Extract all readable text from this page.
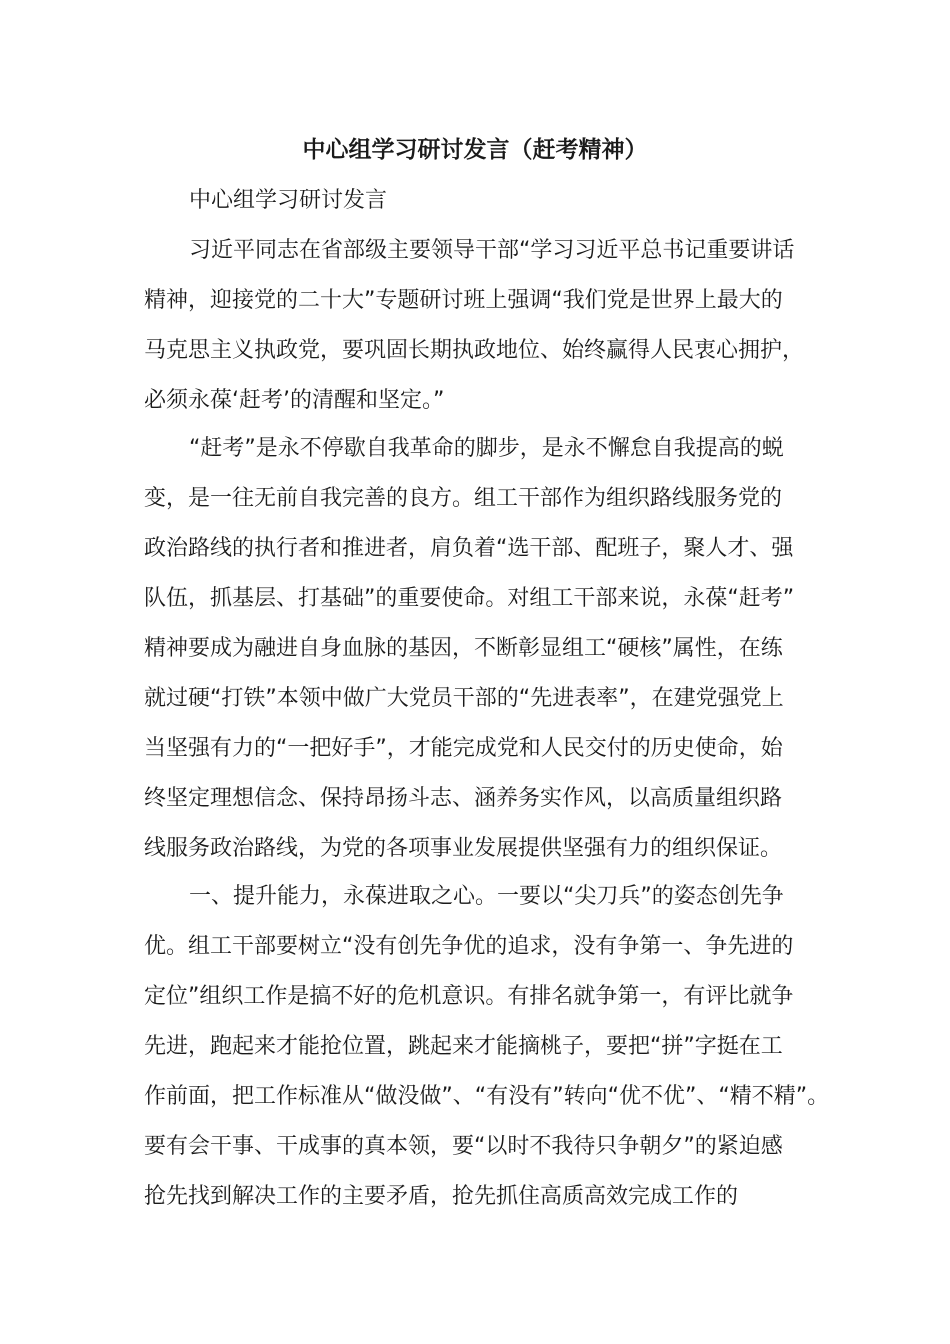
中心组学习研讨发言（赶考精神）
中心组学习研讨发言
习近平同志在省部级主要领导干部“学习习近平总书记重要讲话
精神，迎接党的二十大”专题研讨班上强调“我们党是世界上最大的
马克思主义执政党，要巩固长期执政地位、始终赢得人民衷心拥护，
必须永葆‘赶考’的清醒和坚定。”
“赶考”是永不停歇自我革命的脚步，是永不懈怠自我提高的蜕
变，是一往无前自我完善的良方。组工干部作为组织路线服务党的
政治路线的执行者和推进者，肩负着“选干部、配班子，聚人才、强
队伍，抓基层、打基础”的重要使命。对组工干部来说，永葆“赶考”
精神要成为融进自身血脉的基因，不断彰显组工“硬核”属性，在练
就过硬“打铁”本领中做广大党员干部的“先进表率”，在建党强党上
当坚强有力的“一把好手”，才能完成党和人民交付的历史使命，始
终坚定理想信念、保持昂扬斗志、涵养务实作风，以高质量组织路
线服务政治路线，为党的各项事业发展提供坚强有力的组织保证。
一、提升能力，永葆进取之心。一要以“尖刀兵”的姿态创先争
优。组工干部要树立“没有创先争优的追求，没有争第一、争先进的
定位”组织工作是搞不好的危机意识。有排名就争第一，有评比就争
先进，跑起来才能抢位置，跳起来才能摘桃子，要把“拼”字挺在工
作前面，把工作标准从“做没做”、“有没有”转向“优不优”、“精不精”。
要有会干事、干成事的真本领，要“以时不我待只争朝夕”的紧迫感
抢先找到解决工作的主要矛盾，抢先抓住高质高效完成工作的
